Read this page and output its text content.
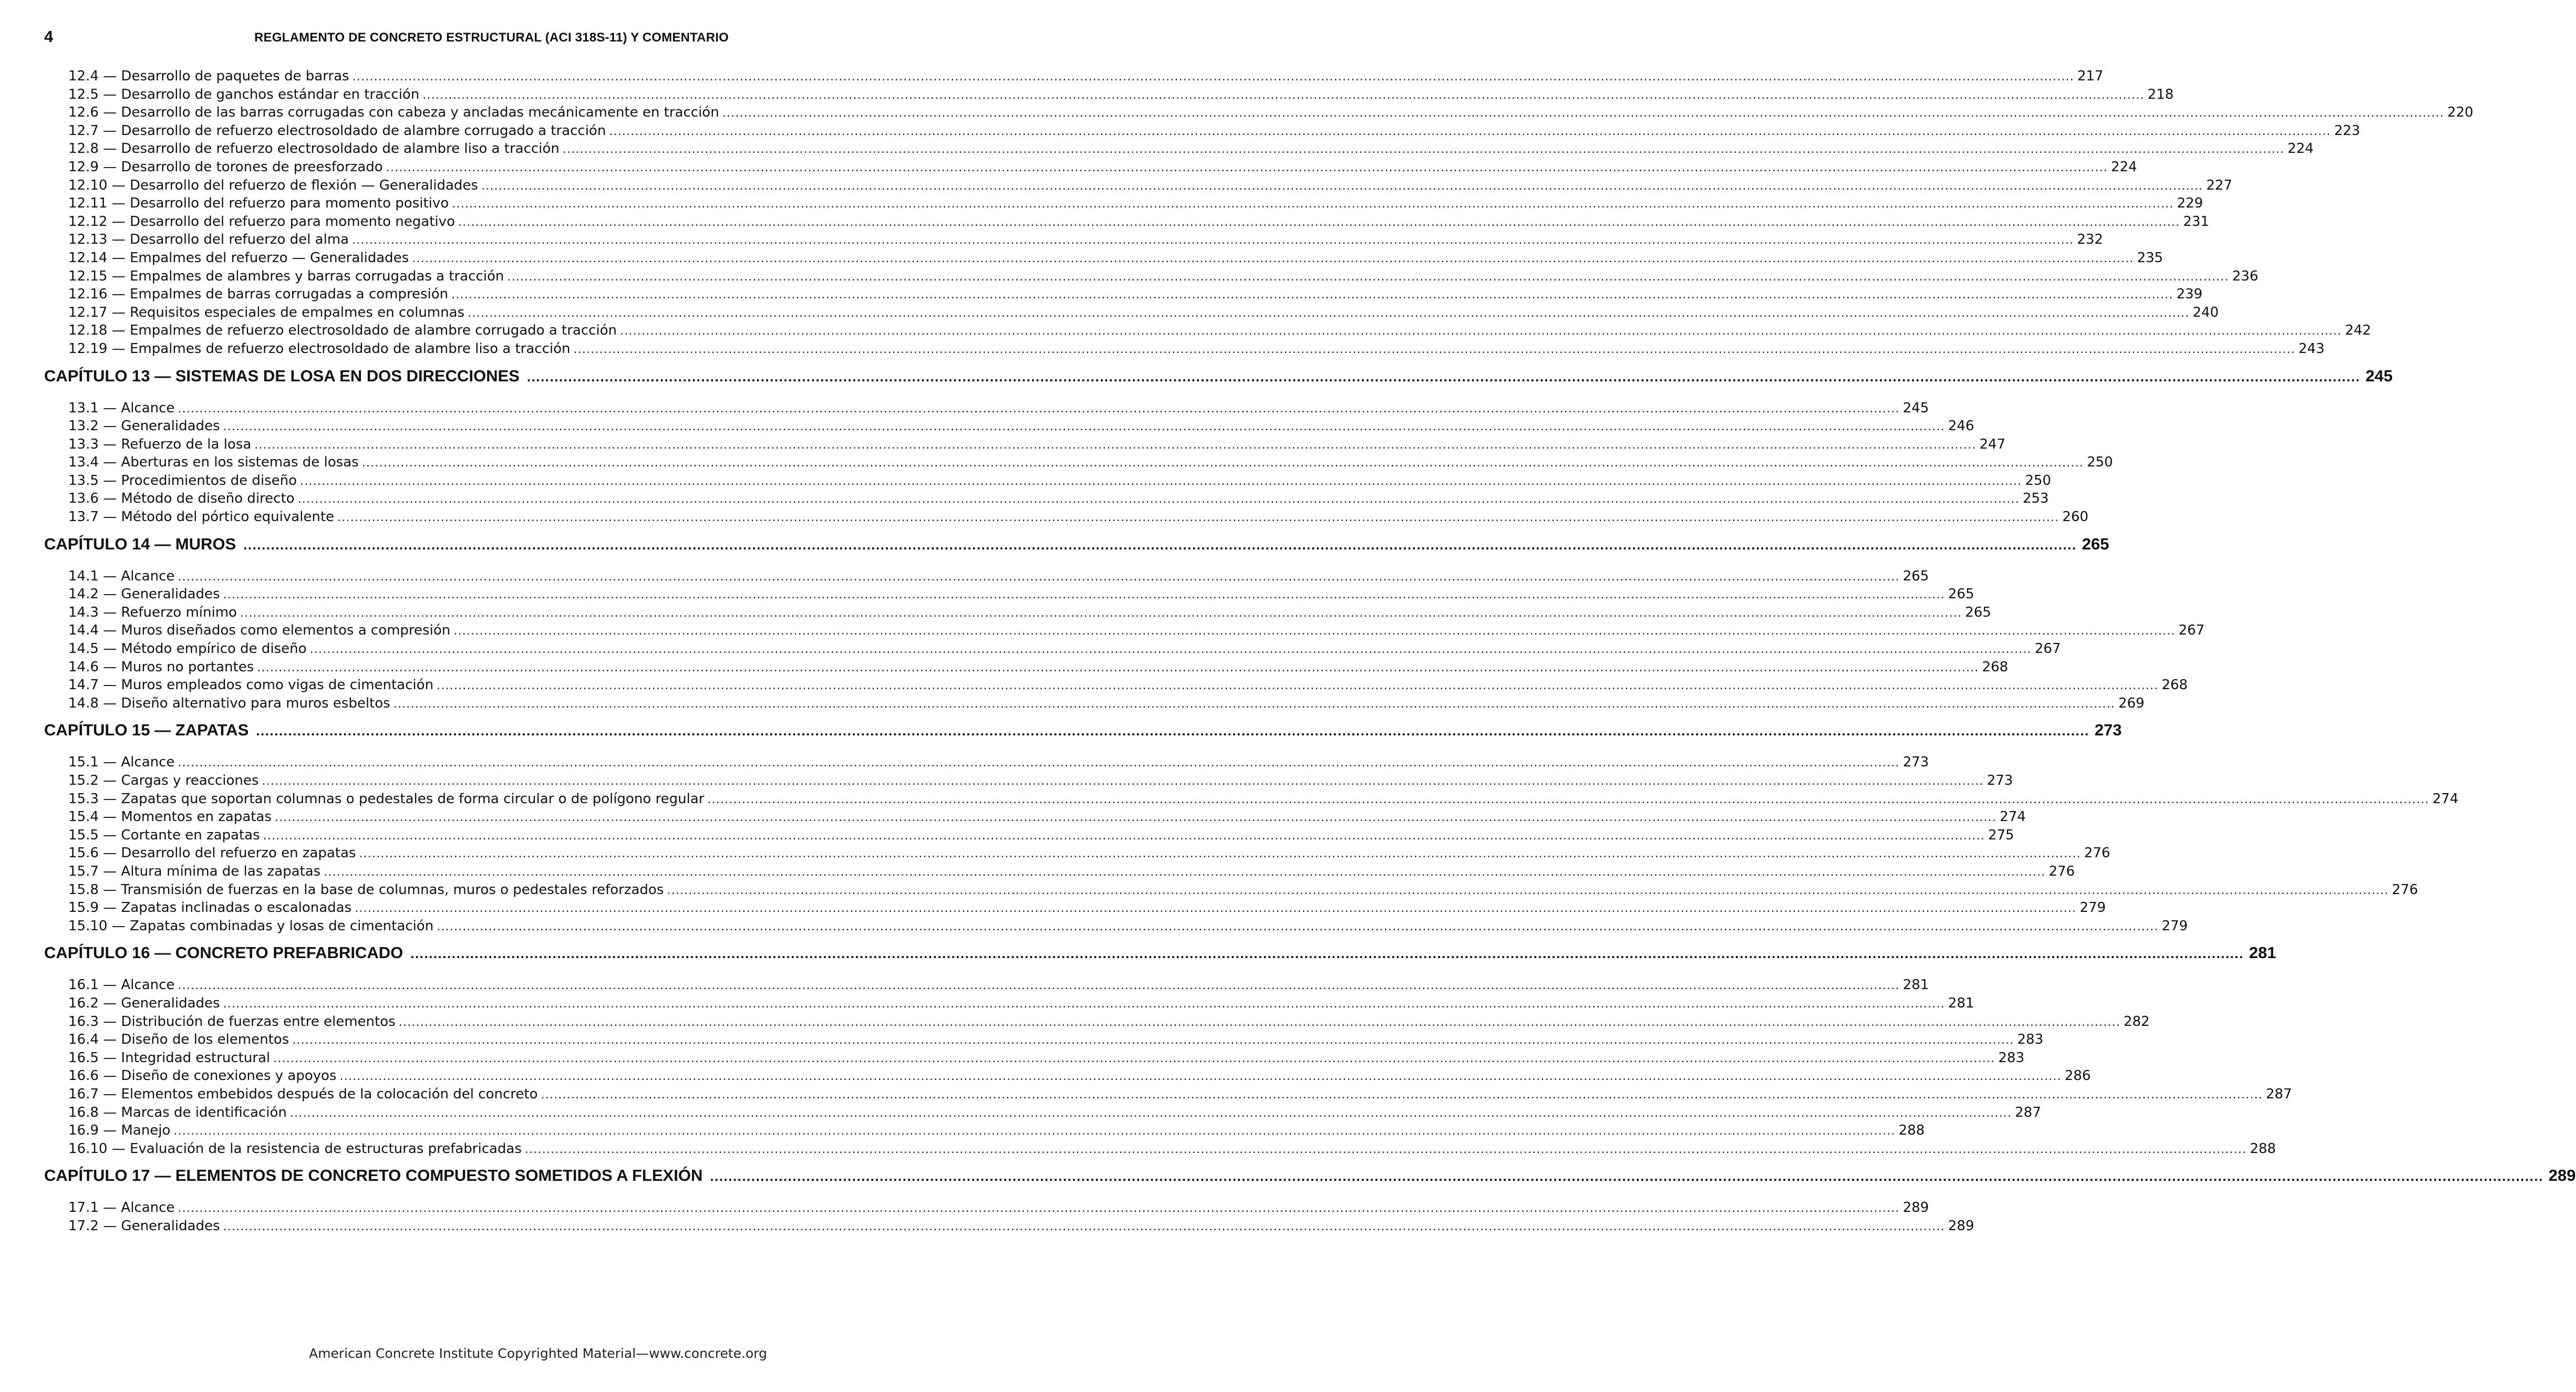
4	REGLAMENTO DE CONCRETO ESTRUCTURAL (ACI 318S-11) Y COMENTARIO
12.4 — Desarrollo de paquetes de barras ................................................................................................................................................................................................................................................................................................................................................................................................................ 217
12.5 — Desarrollo de ganchos estándar en tracción ................................................................................................................................................................................................................................................................................................................................................................................................................ 218
12.6 — Desarrollo de las barras corrugadas con cabeza y ancladas mecánicamente en tracción ................................................................................................................................................................................................................................................................................................................................................................................................................ 220
12.7 — Desarrollo de refuerzo electrosoldado de alambre corrugado a tracción ................................................................................................................................................................................................................................................................................................................................................................................................................ 223
12.8 — Desarrollo de refuerzo electrosoldado de alambre liso a tracción ................................................................................................................................................................................................................................................................................................................................................................................................................ 224
12.9 — Desarrollo de torones de preesforzado ................................................................................................................................................................................................................................................................................................................................................................................................................ 224
12.10 — Desarrollo del refuerzo de flexión — Generalidades ................................................................................................................................................................................................................................................................................................................................................................................................................ 227
12.11 — Desarrollo del refuerzo para momento positivo ................................................................................................................................................................................................................................................................................................................................................................................................................ 229
12.12 — Desarrollo del refuerzo para momento negativo ................................................................................................................................................................................................................................................................................................................................................................................................................ 231
12.13 — Desarrollo del refuerzo del alma ................................................................................................................................................................................................................................................................................................................................................................................................................ 232
12.14 — Empalmes del refuerzo — Generalidades ................................................................................................................................................................................................................................................................................................................................................................................................................ 235
12.15 — Empalmes de alambres y barras corrugadas a tracción ................................................................................................................................................................................................................................................................................................................................................................................................................ 236
12.16 — Empalmes de barras corrugadas a compresión ................................................................................................................................................................................................................................................................................................................................................................................................................ 239
12.17 — Requisitos especiales de empalmes en columnas ................................................................................................................................................................................................................................................................................................................................................................................................................ 240
12.18 — Empalmes de refuerzo electrosoldado de alambre corrugado a tracción ................................................................................................................................................................................................................................................................................................................................................................................................................ 242
12.19 — Empalmes de refuerzo electrosoldado de alambre liso a tracción ................................................................................................................................................................................................................................................................................................................................................................................................................ 243
CAPÍTULO 13 — SISTEMAS DE LOSA EN DOS DIRECCIONES ................................................................................................................................................................................................................................................................................................................................................................................................................ 245
13.1 — Alcance ................................................................................................................................................................................................................................................................................................................................................................................................................ 245
13.2 — Generalidades ................................................................................................................................................................................................................................................................................................................................................................................................................ 246
13.3 — Refuerzo de la losa ................................................................................................................................................................................................................................................................................................................................................................................................................ 247
13.4 — Aberturas en los sistemas de losas ................................................................................................................................................................................................................................................................................................................................................................................................................ 250
13.5 — Procedimientos de diseño ................................................................................................................................................................................................................................................................................................................................................................................................................ 250
13.6 — Método de diseño directo ................................................................................................................................................................................................................................................................................................................................................................................................................ 253
13.7 — Método del pórtico equivalente ................................................................................................................................................................................................................................................................................................................................................................................................................ 260
CAPÍTULO 14 — MUROS ................................................................................................................................................................................................................................................................................................................................................................................................................ 265
14.1 — Alcance ................................................................................................................................................................................................................................................................................................................................................................................................................ 265
14.2 — Generalidades ................................................................................................................................................................................................................................................................................................................................................................................................................ 265
14.3 — Refuerzo mínimo ................................................................................................................................................................................................................................................................................................................................................................................................................ 265
14.4 — Muros diseñados como elementos a compresión ................................................................................................................................................................................................................................................................................................................................................................................................................ 267
14.5 — Método empírico de diseño ................................................................................................................................................................................................................................................................................................................................................................................................................ 267
14.6 — Muros no portantes ................................................................................................................................................................................................................................................................................................................................................................................................................ 268
14.7 — Muros empleados como vigas de cimentación ................................................................................................................................................................................................................................................................................................................................................................................................................ 268
14.8 — Diseño alternativo para muros esbeltos ................................................................................................................................................................................................................................................................................................................................................................................................................ 269
CAPÍTULO 15 — ZAPATAS ................................................................................................................................................................................................................................................................................................................................................................................................................ 273
15.1 — Alcance ................................................................................................................................................................................................................................................................................................................................................................................................................ 273
15.2 — Cargas y reacciones ................................................................................................................................................................................................................................................................................................................................................................................................................ 273
15.3 — Zapatas que soportan columnas o pedestales de forma circular o de polígono regular ................................................................................................................................................................................................................................................................................................................................................................................................................ 274
15.4 — Momentos en zapatas ................................................................................................................................................................................................................................................................................................................................................................................................................ 274
15.5 — Cortante en zapatas ................................................................................................................................................................................................................................................................................................................................................................................................................ 275
15.6 — Desarrollo del refuerzo en zapatas ................................................................................................................................................................................................................................................................................................................................................................................................................ 276
15.7 — Altura mínima de las zapatas ................................................................................................................................................................................................................................................................................................................................................................................................................ 276
15.8 — Transmisión de fuerzas en la base de columnas, muros o pedestales reforzados ................................................................................................................................................................................................................................................................................................................................................................................................................ 276
15.9 — Zapatas inclinadas o escalonadas ................................................................................................................................................................................................................................................................................................................................................................................................................ 279
15.10 — Zapatas combinadas y losas de cimentación ................................................................................................................................................................................................................................................................................................................................................................................................................ 279
CAPÍTULO 16 — CONCRETO PREFABRICADO ................................................................................................................................................................................................................................................................................................................................................................................................................ 281
16.1 — Alcance ................................................................................................................................................................................................................................................................................................................................................................................................................ 281
16.2 — Generalidades ................................................................................................................................................................................................................................................................................................................................................................................................................ 281
16.3 — Distribución de fuerzas entre elementos ................................................................................................................................................................................................................................................................................................................................................................................................................ 282
16.4 — Diseño de los elementos ................................................................................................................................................................................................................................................................................................................................................................................................................ 283
16.5 — Integridad estructural ................................................................................................................................................................................................................................................................................................................................................................................................................ 283
16.6 — Diseño de conexiones y apoyos ................................................................................................................................................................................................................................................................................................................................................................................................................ 286
16.7 — Elementos embebidos después de la colocación del concreto ................................................................................................................................................................................................................................................................................................................................................................................................................ 287
16.8 — Marcas de identificación ................................................................................................................................................................................................................................................................................................................................................................................................................ 287
16.9 — Manejo ................................................................................................................................................................................................................................................................................................................................................................................................................ 288
16.10 — Evaluación de la resistencia de estructuras prefabricadas ................................................................................................................................................................................................................................................................................................................................................................................................................ 288
CAPÍTULO 17 — ELEMENTOS DE CONCRETO COMPUESTO SOMETIDOS A FLEXIÓN ................................................................................................................................................................................................................................................................................................................................................................................................................ 289
17.1 — Alcance ................................................................................................................................................................................................................................................................................................................................................................................................................ 289
17.2 — Generalidades ................................................................................................................................................................................................................................................................................................................................................................................................................ 289
American Concrete Institute Copyrighted Material—www.concrete.org
